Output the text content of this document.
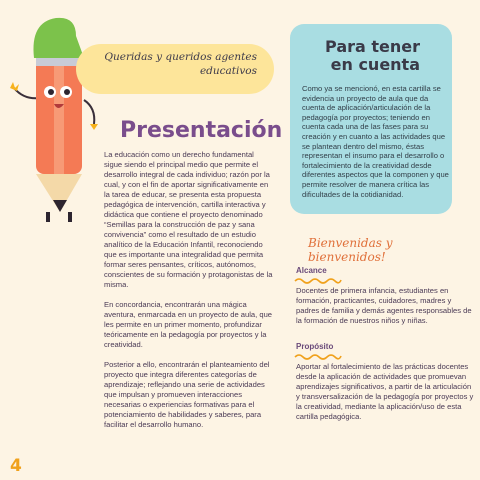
Queridas y queridos agentes
educativos
Presentación

La educación como un derecho fundamental sigue siendo el principal medio que permite el desarrollo integral de cada individuo; razón por la cual, y con el fin de aportar significativamente en la tarea de educar, se presenta esta propuesta pedagógica de intervención, cartilla interactiva y didáctica que contiene el proyecto denominado “Semillas para la construcción de paz y sana convivencia” como el resultado de un estudio analítico de la Educación Infantil, reconociendo que es importante una integralidad que permita formar seres pensantes, críticos, autónomos, conscientes de su formación y protagonistas de la misma.

En concordancia, encontrarán una mágica aventura, enmarcada en un proyecto de aula, que les permite en un primer momento, profundizar teóricamente en la pedagogía por proyectos y la creatividad.

Posterior a ello, encontrarán el planteamiento del proyecto que integra diferentes categorías de aprendizaje; reflejando una serie de actividades que impulsan y promueven interacciones necesarias o experiencias formativas para el potenciamiento de habilidades y saberes, para facilitar el desarrollo humano.

Para tener
en cuenta
Como ya se mencionó, en esta cartilla se evidencia un proyecto de aula que da cuenta de aplicación/articulación de la pedagogía por proyectos; teniendo en cuenta cada una de las fases para su creación y en cuanto a las actividades que se plantean dentro del mismo, éstas representan el insumo para el desarrollo o fortalecimiento de la creatividad desde diferentes aspectos que la componen y que permite resolver de manera crítica las dificultades de la cotidianidad.
Bienvenidas y bienvenidos!
Alcance
Docentes de primera infancia, estudiantes en formación, practicantes, cuidadores, madres y padres de familia y demás agentes responsables de la formación de nuestros niños y niñas.
Propósito
Aportar al fortalecimiento de las prácticas docentes desde la aplicación de actividades que promuevan aprendizajes significativos, a partir de la articulación y transversalización de la pedagogía por proyectos y la creatividad, mediante la aplicación/uso de esta cartilla pedagógica.
4
